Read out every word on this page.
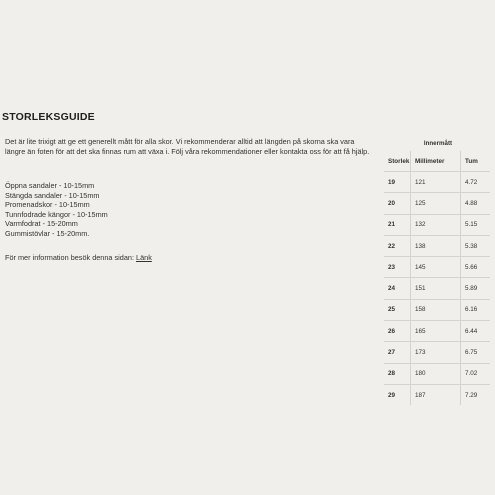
STORLEKSGUIDE
Det är lite trixigt att ge ett generellt mått för alla skor. Vi rekommenderar alltid att längden på skorna ska vara längre än foten för att det ska finnas rum att växa i. Följ våra rekommendationer eller kontakta oss för att få hjälp.
Öppna sandaler - 10-15mm
Stängda sandaler - 10-15mm
Promenadskor - 10-15mm
Tunnfodrade kängor - 10-15mm
Varmfodrat - 15-20mm
Gummistövlar - 15-20mm.
För mer information besök denna sidan: Länk
Innermått
Storlek	Millimeter	Tum
19	121	4.72
20	125	4.88
21	132	5.15
22	138	5.38
23	145	5.66
24	151	5.89
25	158	6.16
26	165	6.44
27	173	6.75
28	180	7.02
29	187	7.29
